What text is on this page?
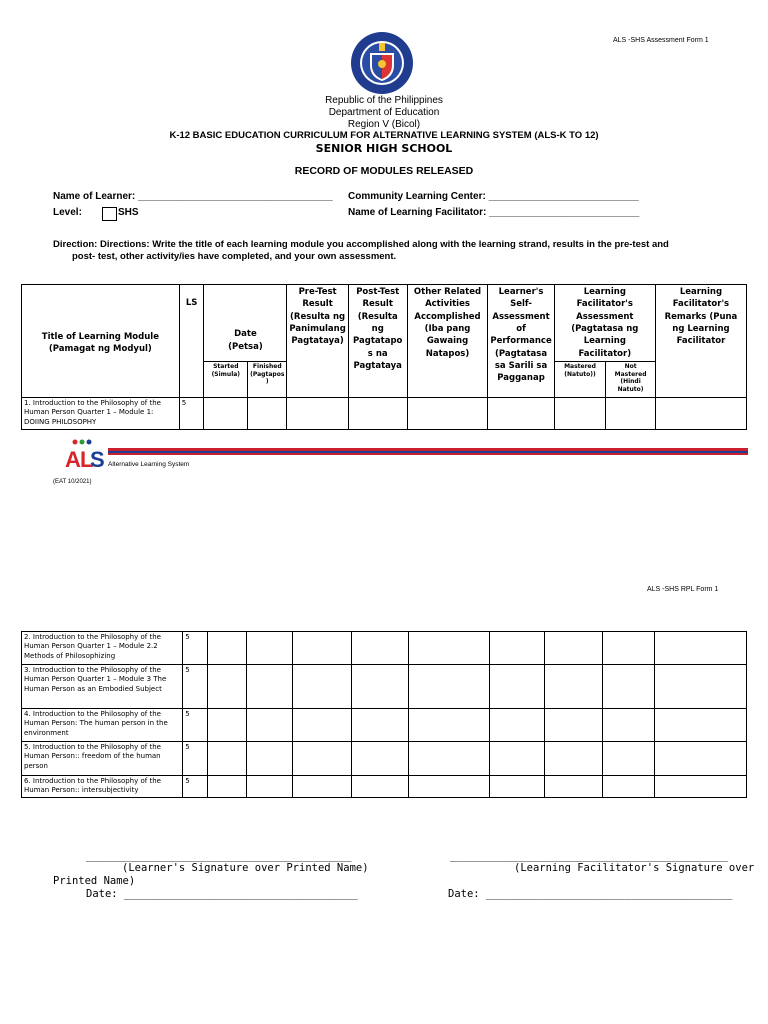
ALS -SHS Assessment Form 1
Republic of the Philippines
Department of Education
Region V (Bicol)
K-12 BASIC EDUCATION CURRICULUM FOR ALTERNATIVE LEARNING SYSTEM (ALS-K TO 12)
SENIOR HIGH SCHOOL
RECORD OF MODULES RELEASED
Name of Learner: ___________________________________ Community Learning Center: ___________________________
Level:	SHS	Name of Learning Facilitator: ___________________________
Direction: Directions: Write the title of each learning module you accomplished along with the learning strand, results in the pre-test and
post- test, other activity/ies have completed, and your own assessment.
Title of Learning Module (Pamagat ng Modyul)	LS	Date (Petsa)		Pre-Test Result (Resulta ng Panimulang Pagtataya)	Post-Test Result (Resulta ng Pagtatapo s na Pagtataya	Other Related Activities Accomplished (Iba pang Gawaing Natapos)	Learner's Self-Assessment of Performance (Pagtatasa sa Sarili sa Pagganap	Learning Facilitator's Assessment (Pagtatasa ng Learning Facilitator)		Learning Facilitator's Remarks (Puna ng Learning Facilitator
		Started (Simula)	Finished (Pagtapos )					Mastered (Natuto))	Not Mastered (Hindi Natuto)	
1. Introduction to the Philosophy of the Human Person Quarter 1 – Module 1: DOIING PHILOSOPHY	5									
A L
S Alternative Learning System
(EAT 10/2021)
ALS -SHS RPL Form 1
2. Introduction to the Philosophy of the Human Person Quarter 1 – Module 2.2 Methods of Philosophizing	5									
3. Introduction to the Philosophy of the Human Person Quarter 1 – Module 3 The Human Person as an Embodied Subject	5									
4. Introduction to the Philosophy of the Human Person: The human person in the environment	5									
5. Introduction to the Philosophy of the Human Person:: freedom of the human person	5									
6. Introduction to the Philosophy of the Human Person:: intersubjectivity	5									
__________________________________________
(Learner's Signature over Printed Name)
____________________________________________
(Learning Facilitator's Signature over
Printed Name)
Date: _____________________________________	Date: _______________________________________
